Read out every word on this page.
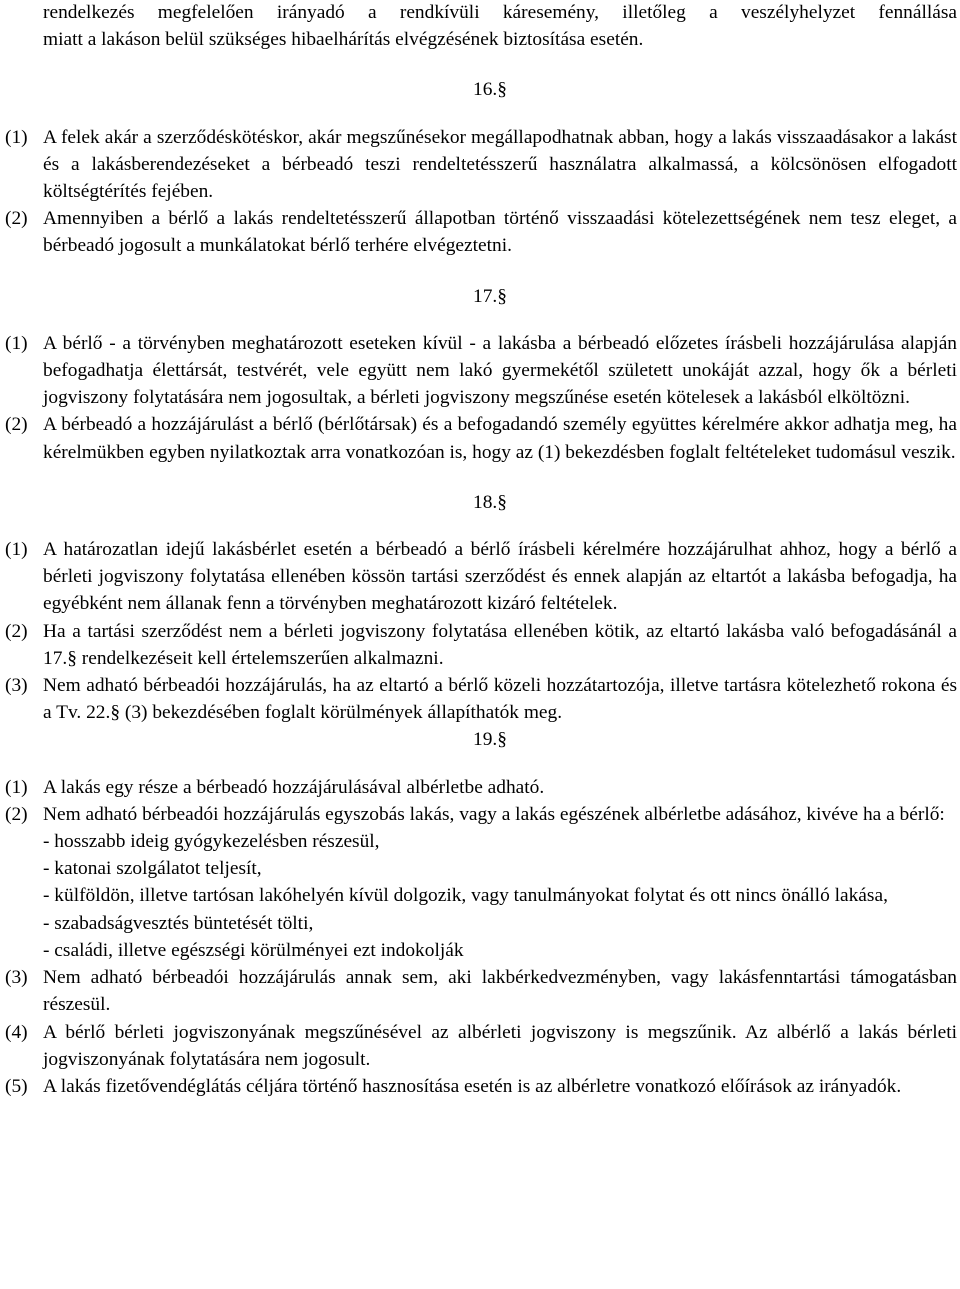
rendelkezés megfelelően irányadó a rendkívüli káresemény, illetőleg a veszélyhelyzet fennállása

miatt a lakáson belül szükséges hibaelhárítás elvégzésének biztosítása esetén.

16.§

(1) A felek akár a szerződéskötéskor, akár megszűnésekor megállapodhatnak abban, hogy a lakás visszaadásakor a lakást és a lakásberendezéseket a bérbeadó teszi rendeltetésszerű használatra alkalmassá, a kölcsönösen elfogadott költségtérítés fejében.

(2) Amennyiben a bérlő a lakás rendeltetésszerű állapotban történő visszaadási kötelezettségének nem tesz eleget, a bérbeadó jogosult a munkálatokat bérlő terhére elvégeztetni.

17.§

(1) A bérlő - a törvényben meghatározott eseteken kívül - a lakásba a bérbeadó előzetes írásbeli hozzájárulása alapján befogadhatja élettársát, testvérét, vele együtt nem lakó gyermekétől született unokáját azzal, hogy ők a bérleti jogviszony folytatására nem jogosultak, a bérleti jogviszony megszűnése esetén kötelesek a lakásból elköltözni.

(2) A bérbeadó a hozzájárulást a bérlő (bérlőtársak) és a befogadandó személy együttes kérelmére akkor adhatja meg, ha kérelmükben egyben nyilatkoztak arra vonatkozóan is, hogy az (1) bekezdésben foglalt feltételeket tudomásul veszik.

18.§

(1) A határozatlan idejű lakásbérlet esetén a bérbeadó a bérlő írásbeli kérelmére hozzájárulhat ahhoz, hogy a bérlő a bérleti jogviszony folytatása ellenében kössön tartási szerződést és ennek alapján az eltartót a lakásba befogadja, ha egyébként nem állanak fenn a törvényben meghatározott kizáró feltételek.

(2) Ha a tartási szerződést nem a bérleti jogviszony folytatása ellenében kötik, az eltartó lakásba való befogadásánál a 17.§ rendelkezéseit kell értelemszerűen alkalmazni.

(3) Nem adható bérbeadói hozzájárulás, ha az eltartó a bérlő közeli hozzátartozója, illetve tartásra kötelezhető rokona és a Tv. 22.§ (3) bekezdésében foglalt körülmények állapíthatók meg.

19.§

(1) A lakás egy része a bérbeadó hozzájárulásával albérletbe adható.

(2) Nem adható bérbeadói hozzájárulás egyszobás lakás, vagy a lakás egészének albérletbe adásához, kivéve ha a bérlő:

- hosszabb ideig gyógykezelésben részesül,

- katonai szolgálatot teljesít,

- külföldön, illetve tartósan lakóhelyén kívül dolgozik, vagy tanulmányokat folytat és ott nincs önálló lakása,

- szabadságvesztés büntetését tölti,

- családi, illetve egészségi körülményei ezt indokolják

(3) Nem adható bérbeadói hozzájárulás annak sem, aki lakbérkedvezményben, vagy lakásfenntartási támogatásban részesül.

(4) A bérlő bérleti jogviszonyának megszűnésével az albérleti jogviszony is megszűnik. Az albérlő a lakás bérleti jogviszonyának folytatására nem jogosult.

(5) A lakás fizetővendéglátás céljára történő hasznosítása esetén is az albérletre vonatkozó előírások az irányadók.
